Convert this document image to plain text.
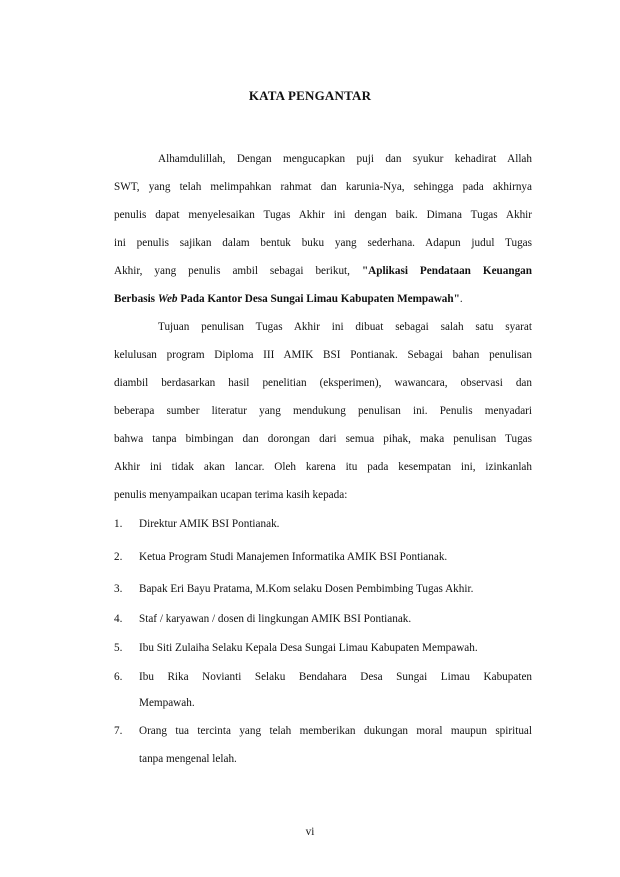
KATA PENGANTAR
Alhamdulillah, Dengan mengucapkan puji dan syukur kehadirat Allah
SWT, yang telah melimpahkan rahmat dan karunia-Nya, sehingga pada akhirnya
penulis dapat menyelesaikan Tugas Akhir ini dengan baik. Dimana Tugas Akhir
ini penulis sajikan dalam bentuk buku yang sederhana. Adapun judul Tugas
Akhir, yang penulis ambil sebagai berikut, "Aplikasi Pendataan Keuangan
Berbasis Web Pada Kantor Desa Sungai Limau Kabupaten Mempawah".
Tujuan penulisan Tugas Akhir ini dibuat sebagai salah satu syarat
kelulusan program Diploma III AMIK BSI Pontianak. Sebagai bahan penulisan
diambil berdasarkan hasil penelitian (eksperimen), wawancara, observasi dan
beberapa sumber literatur yang mendukung penulisan ini. Penulis menyadari
bahwa tanpa bimbingan dan dorongan dari semua pihak, maka penulisan Tugas
Akhir ini tidak akan lancar. Oleh karena itu pada kesempatan ini, izinkanlah
penulis menyampaikan ucapan terima kasih kepada:
1. Direktur AMIK BSI Pontianak.
2. Ketua Program Studi Manajemen Informatika AMIK BSI Pontianak.
3. Bapak Eri Bayu Pratama, M.Kom selaku Dosen Pembimbing Tugas Akhir.
4. Staf / karyawan / dosen di lingkungan AMIK BSI Pontianak.
5. Ibu Siti Zulaiha Selaku Kepala Desa Sungai Limau Kabupaten Mempawah.
6. Ibu Rika Novianti Selaku Bendahara Desa Sungai Limau Kabupaten
Mempawah.
7. Orang tua tercinta yang telah memberikan dukungan moral maupun spiritual
tanpa mengenal lelah.
vi
